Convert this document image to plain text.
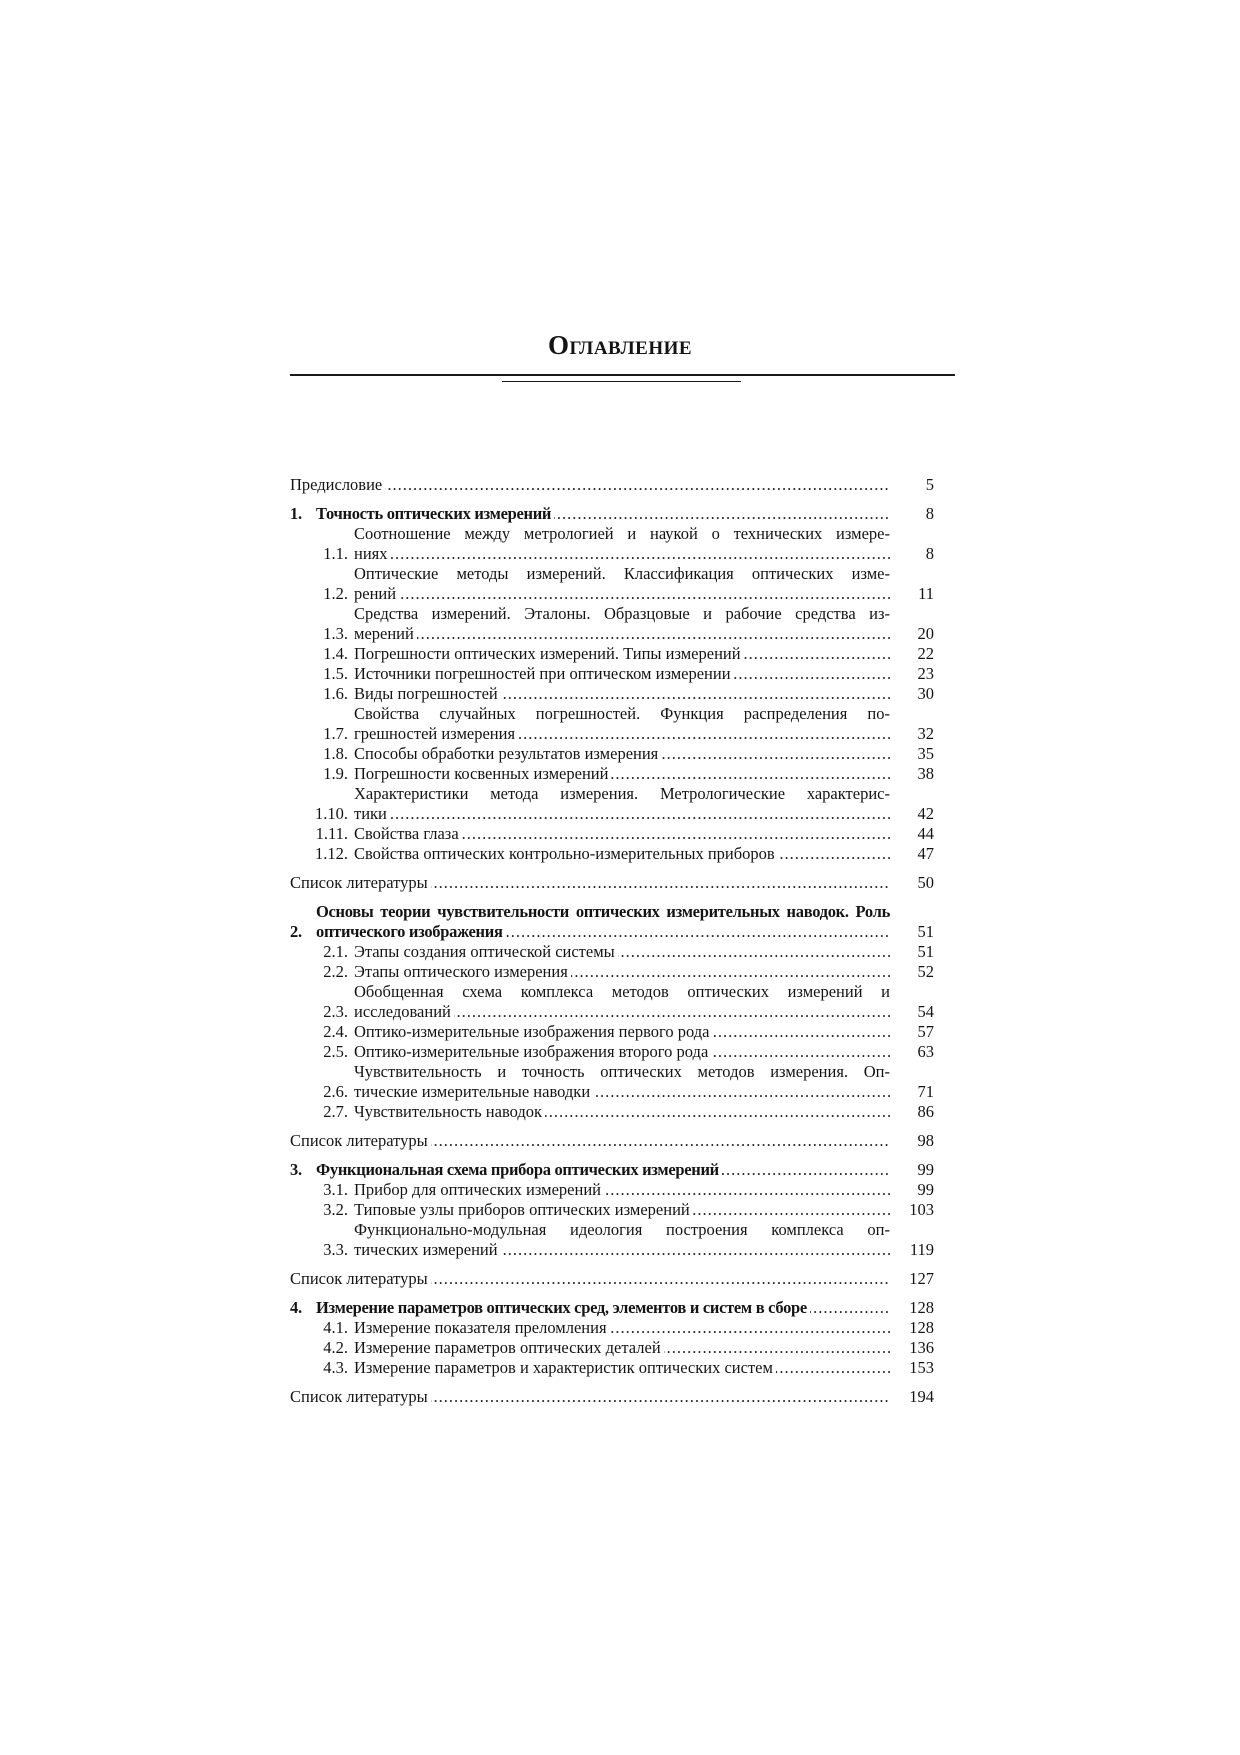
Оглавление
Предисловие .....	5
1. Точность оптических измерений .....	8
1.1.
Соотношение между метрологией и наукой о технических измере-
ниях .....	8
1.2.
Оптические методы измерений. Классификация оптических изме-
рений .....	11
1.3.
Средства измерений. Эталоны. Образцовые и рабочие средства из-
мерений .....	20
1.4. Погрешности оптических измерений. Типы измерений .....	22
1.5. Источники погрешностей при оптическом измерении .....	23
1.6. Виды погрешностей .....	30
1.7.
Свойства случайных погрешностей. Функция распределения по-
грешностей измерения .....	32
1.8. Способы обработки результатов измерения .....	35
1.9. Погрешности косвенных измерений .....	38
1.10.
Характеристики метода измерения. Метрологические характерис-
тики .....	42
1.11. Свойства глаза .....	44
1.12. Свойства оптических контрольно-измерительных приборов .....	47
Список литературы .....	50
2.
Основы теории чувствительности оптических измерительных наводок. Роль
оптического изображения .....	51
2.1. Этапы создания оптической системы .....	51
2.2. Этапы оптического измерения .....	52
2.3.
Обобщенная схема комплекса методов оптических измерений и
исследований .....	54
2.4. Оптико-измерительные изображения первого рода .....	57
2.5. Оптико-измерительные изображения второго рода .....	63
2.6.
Чувствительность и точность оптических методов измерения. Оп-
тические измерительные наводки .....	71
2.7. Чувствительность наводок .....	86
Список литературы .....	98
3. Функциональная схема прибора оптических измерений .....	99
3.1. Прибор для оптических измерений .....	99
3.2. Типовые узлы приборов оптических измерений .....	103
3.3.
Функционально-модульная идеология построения комплекса оп-
тических измерений .....	119
Список литературы .....	127
4. Измерение параметров оптических сред, элементов и систем в сборе .....	128
4.1. Измерение показателя преломления .....	128
4.2. Измерение параметров оптических деталей .....	136
4.3. Измерение параметров и характеристик оптических систем .....	153
Список литературы .....	194
